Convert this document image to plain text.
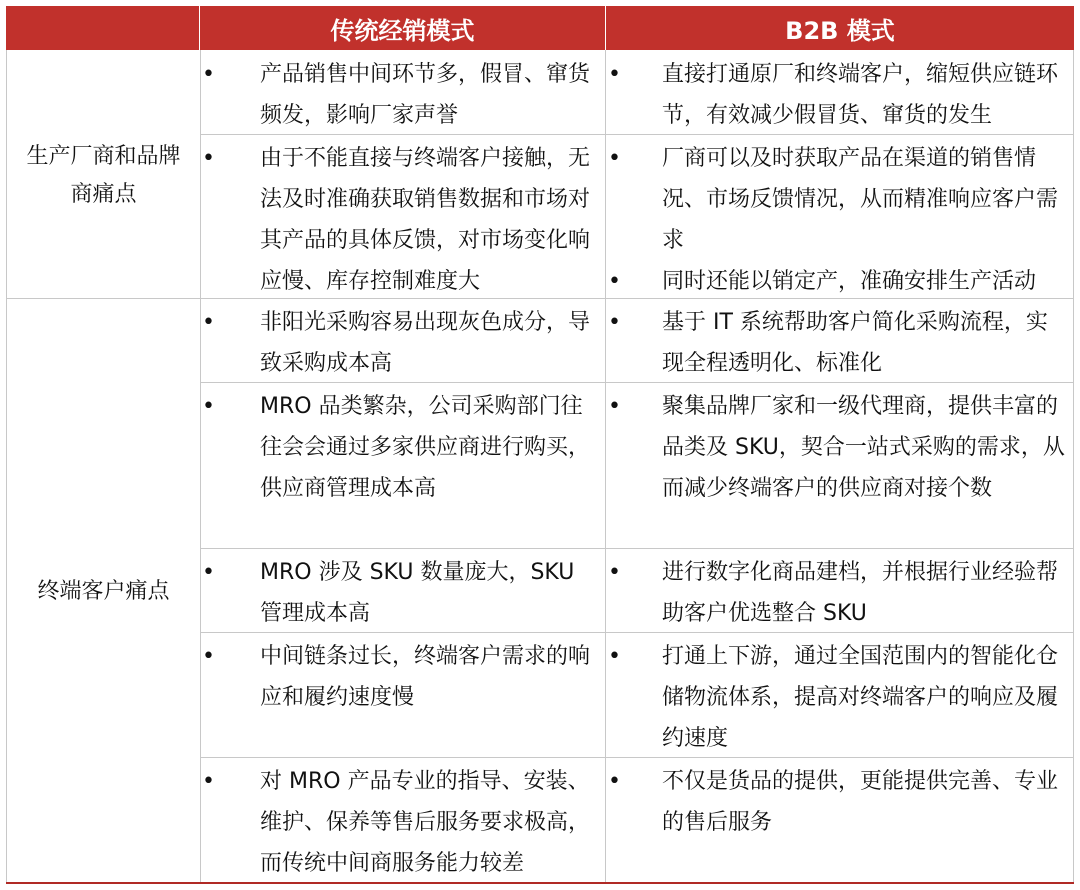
传统经销模式	B2B 模式
生产厂商和品牌商痛点
终端客户痛点
• 产品销售中间环节多，假冒、窜货频发，影响厂家声誉
• 直接打通原厂和终端客户，缩短供应链环节，有效减少假冒货、窜货的发生
• 由于不能直接与终端客户接触，无法及时准确获取销售数据和市场对其产品的具体反馈，对市场变化响应慢、库存控制难度大
• 厂商可以及时获取产品在渠道的销售情况、市场反馈情况，从而精准响应客户需求
• 同时还能以销定产，准确安排生产活动
• 非阳光采购容易出现灰色成分，导致采购成本高
• 基于 IT 系统帮助客户简化采购流程，实现全程透明化、标准化
• MRO 品类繁杂，公司采购部门往往会会通过多家供应商进行购买，供应商管理成本高
• 聚集品牌厂家和一级代理商，提供丰富的品类及 SKU，契合一站式采购的需求，从而减少终端客户的供应商对接个数
• MRO 涉及 SKU 数量庞大，SKU 管理成本高
• 进行数字化商品建档，并根据行业经验帮助客户优选整合 SKU
• 中间链条过长，终端客户需求的响应和履约速度慢
• 打通上下游，通过全国范围内的智能化仓储物流体系，提高对终端客户的响应及履约速度
• 对 MRO 产品专业的指导、安装、维护、保养等售后服务要求极高，而传统中间商服务能力较差
• 不仅是货品的提供，更能提供完善、专业的售后服务
